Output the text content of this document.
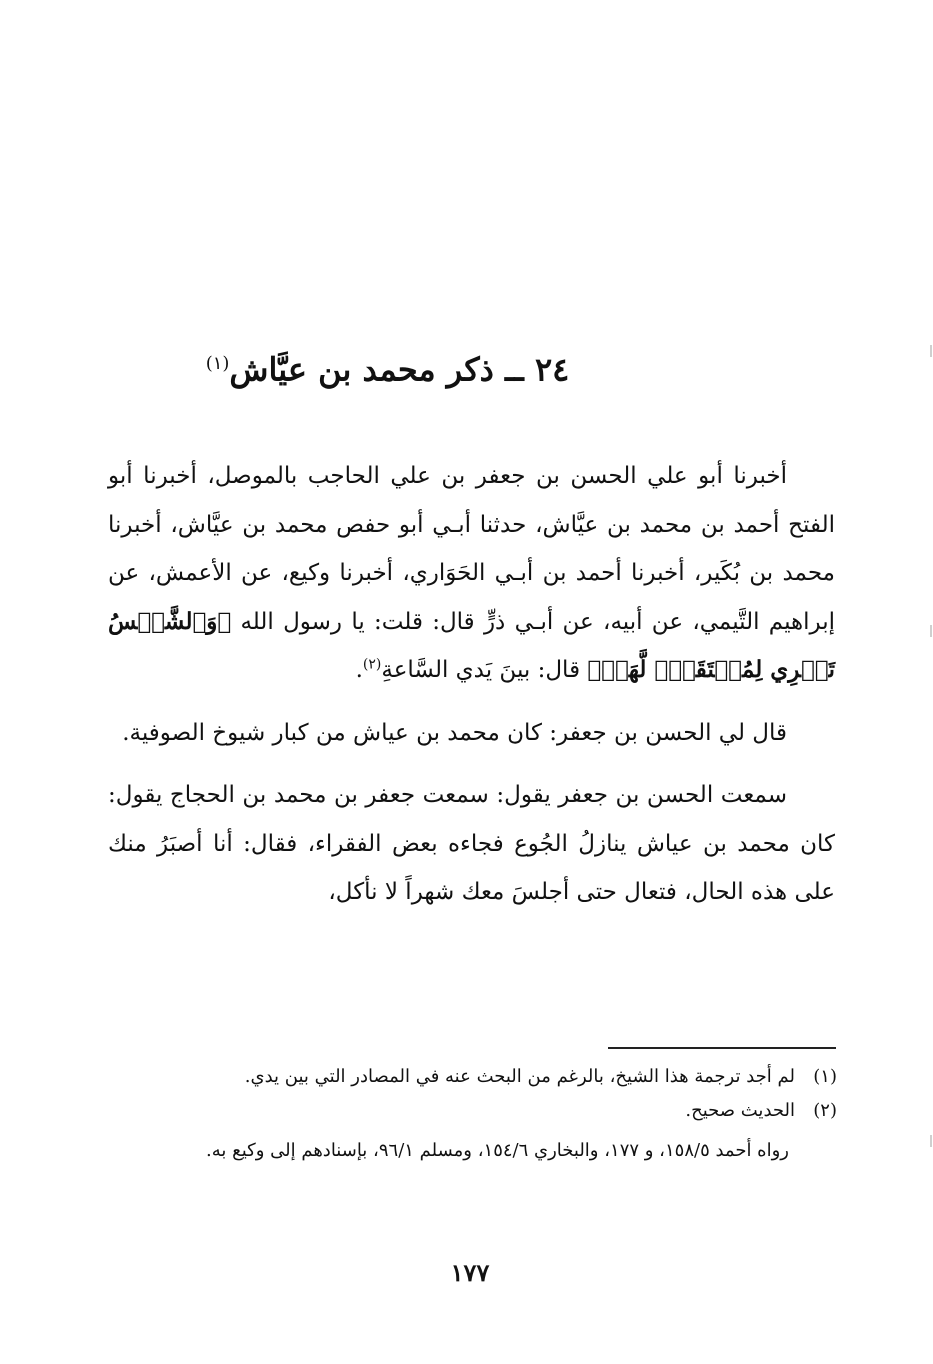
٢٤ ــ ذكر محمد بن عيَّاش$^{(١)}$

أخبرنا أبو علي الحسن بن جعفر بن علي الحاجب بالموصل، أخبرنا أبو الفتح أحمد بن محمد بن عيَّاش، حدثنا أبـي أبو حفص محمد بن عيَّاش، أخبرنا محمد بن بُكَير، أخبرنا أحمد بن أبـي الحَوَاري، أخبرنا وكيع، عن الأعمش، عن إبراهيم التَّيمي، عن أبيه، عن أبـي ذرٍّ قال: قلت: يا رسول الله ﴿وَٱلشَّمۡسُ تَجۡرِي لِمُسۡتَقَرّٖ لَّهَاۚ﴾ قال: بينَ يَدي السَّاعةِ$^{(٢)}$.

قال لي الحسن بن جعفر: كان محمد بن عياش من كبار شيوخ الصوفية.

سمعت الحسن بن جعفر يقول: سمعت جعفر بن محمد بن الحجاج يقول: كان محمد بن عياش ينازلُ الجُوع فجاءه بعض الفقراء، فقال: أنا أصبَرُ منك على هذه الحال، فتعال حتى أجلسَ معك شهراً لا نأكل،

(١)
لم أجد ترجمة هذا الشيخ، بالرغم من البحث عنه في المصادر التي بين يدي.
(٢)
الحديث صحيح.

رواه أحمد ١٥٨/٥، و ١٧٧، والبخاري ١٥٤/٦، ومسلم ٩٦/١، بإسنادهم إلى وكيع به.

١٧٧
